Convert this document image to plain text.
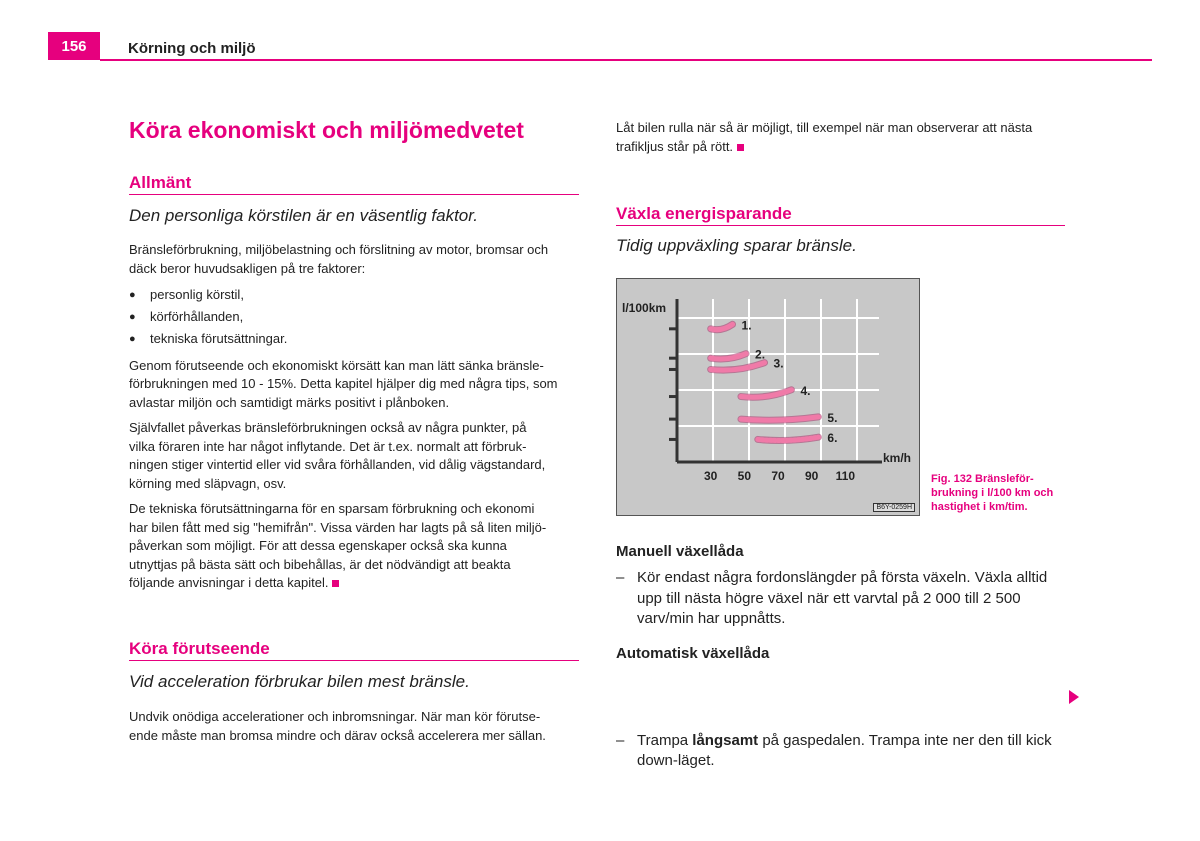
156	Körning och miljö
Köra ekonomiskt och miljömedvetet
Allmänt
Den personliga körstilen är en väsentlig faktor.

Bränsleförbrukning, miljöbelastning och förslitning av motor, bromsar och
däck beror huvudsakligen på tre faktorer:

● personlig körstil,
● körförhållanden,
● tekniska förutsättningar.

Genom förutseende och ekonomiskt körsätt kan man lätt sänka bränsle-
förbrukningen med 10 - 15%. Detta kapitel hjälper dig med några tips, som
avlastar miljön och samtidigt märks positivt i plånboken.

Självfallet påverkas bränsleförbrukningen också av några punkter, på
vilka föraren inte har något inflytande. Det är t.ex. normalt att förbruk-
ningen stiger vintertid eller vid svåra förhållanden, vid dålig vägstandard,
körning med släpvagn, osv.

De tekniska förutsättningarna för en sparsam förbrukning och ekonomi
har bilen fått med sig "hemifrån". Vissa värden har lagts på så liten miljö-
påverkan som möjligt. För att dessa egenskaper också ska kunna
utnyttjas på bästa sätt och bibehållas, är det nödvändigt att beakta
följande anvisningar i detta kapitel.

Köra förutseende
Vid acceleration förbrukar bilen mest bränsle.

Undvik onödiga accelerationer och inbromsningar. När man kör förutse-
ende måste man bromsa mindre och därav också accelerera mer sällan.

Låt bilen rulla när så är möjligt, till exempel när man observerar att nästa
trafikljus står på rött.

Växla energisparande
Tidig uppväxling sparar bränsle.
l/100km
km/h
30 50 70 90 110
1.
2.
3.
4.
5.
6.
B6Y-0259H
Fig. 132 Bränsleför-
brukning i l/100 km och
hastighet i km/tim.
Manuell växellåda
– Kör endast några fordonslängder på första växeln. Växla alltid
upp till nästa högre växel när ett varvtal på 2 000 till 2 500
varv/min har uppnåtts.
Automatisk växellåda
– Trampa långsamt på gaspedalen. Trampa inte ner den till kick
down-läget.
